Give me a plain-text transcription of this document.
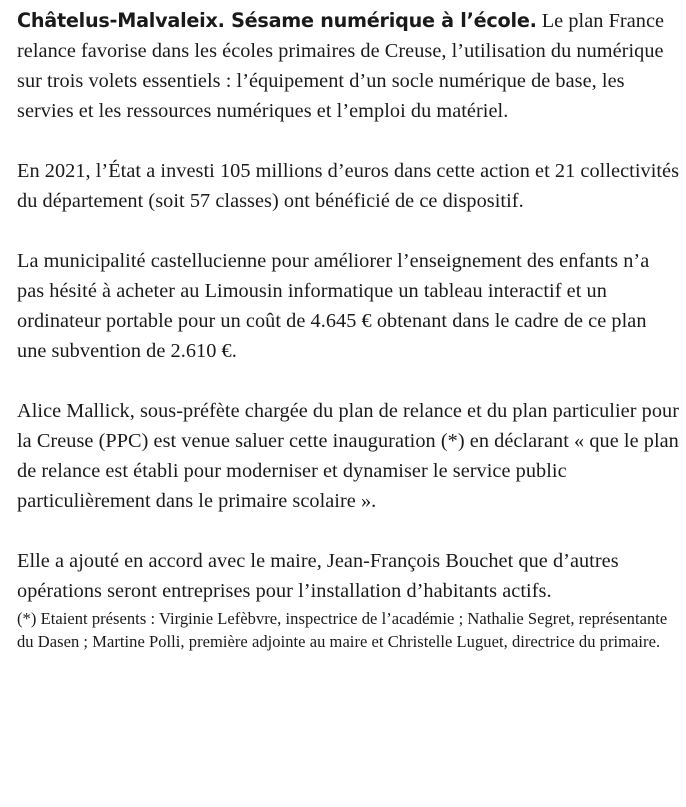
Châtelus-Malvaleix. Sésame numérique à l’école. Le plan France relance favorise dans les écoles primaires de Creuse, l’utilisation du numérique sur trois volets essentiels : l’équipement d’un socle numérique de base, les servies et les ressources numériques et l’emploi du matériel.

En 2021, l’État a investi 105 millions d’euros dans cette action et 21 collectivités du département (soit 57 classes) ont bénéficié de ce dispositif.

La municipalité castellucienne pour améliorer l’enseignement des enfants n’a pas hésité à acheter au Limousin informatique un tableau interactif et un ordinateur portable pour un coût de 4.645 € obtenant dans le cadre de ce plan une subvention de 2.610 €.

Alice Mallick, sous-préfète chargée du plan de relance et du plan particulier pour la Creuse (PPC) est venue saluer cette inauguration (*) en déclarant « que le plan de relance est établi pour moderniser et dynamiser le service public particulièrement dans le primaire scolaire ».

Elle a ajouté en accord avec le maire, Jean-François Bouchet que d’autres opérations seront entreprises pour l’installation d’habitants actifs.

(*) Etaient présents : Virginie Lefèbvre, inspectrice de l’académie ; Nathalie Segret, représentante du Dasen ; Martine Polli, première adjointe au maire et Christelle Luguet, directrice du primaire.
